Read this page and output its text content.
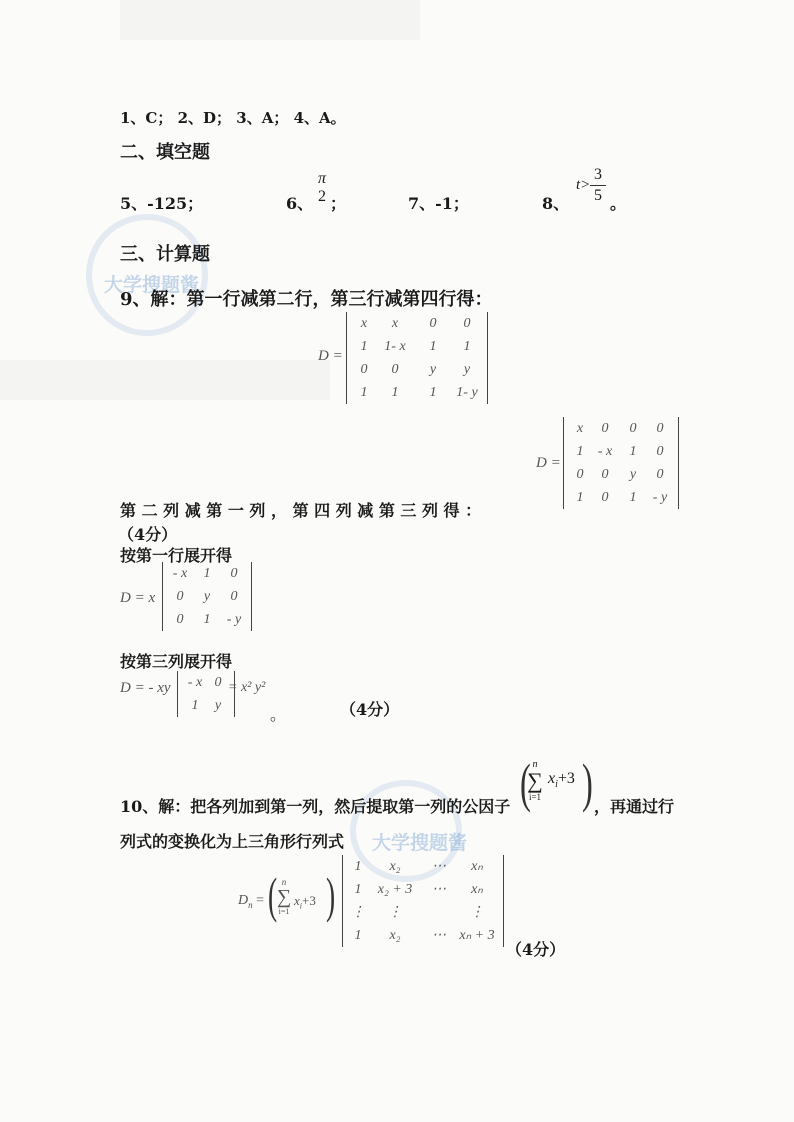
大学搜题酱
大学搜题酱
1、C； 2、D； 3、A； 4、A。
二、填空题
5、-125；	6、
π
2 ；	7、-1；	8、
t>
3
5 。
三、计算题
9、解：第一行减第二行，第三行减第四行得：
D =
x	x	0	0
1	1- x	1	1
0	0	y	y
1	1	1	1- y
D =
x	0	0	0
1	- x	1	0
0	0	y	0
1	0	1	- y
第 二 列 减 第 一 列 ， 第 四 列 减 第 三 列 得 ：
（4分）
按第一行展开得
D = x
- x	1	0
0	y	0
0	1	- y
按第三列展开得
D = - xy - x	0
1	y
= x² y²
。	（4分）
10、解：把各列加到第一列，然后提取第一列的公因子 ( n
∑
i=1
$x_i+3$ ) ，再通过行
列式的变换化为上三角形行列式
$D_n$ = ( n
∑
i=1
$x_i+3$ )
1	x₂	⋯	xₙ
1	x₂ + 3	⋯	xₙ
⋮	⋮		⋮
1	x₂	⋯	xₙ + 3
（4分）
